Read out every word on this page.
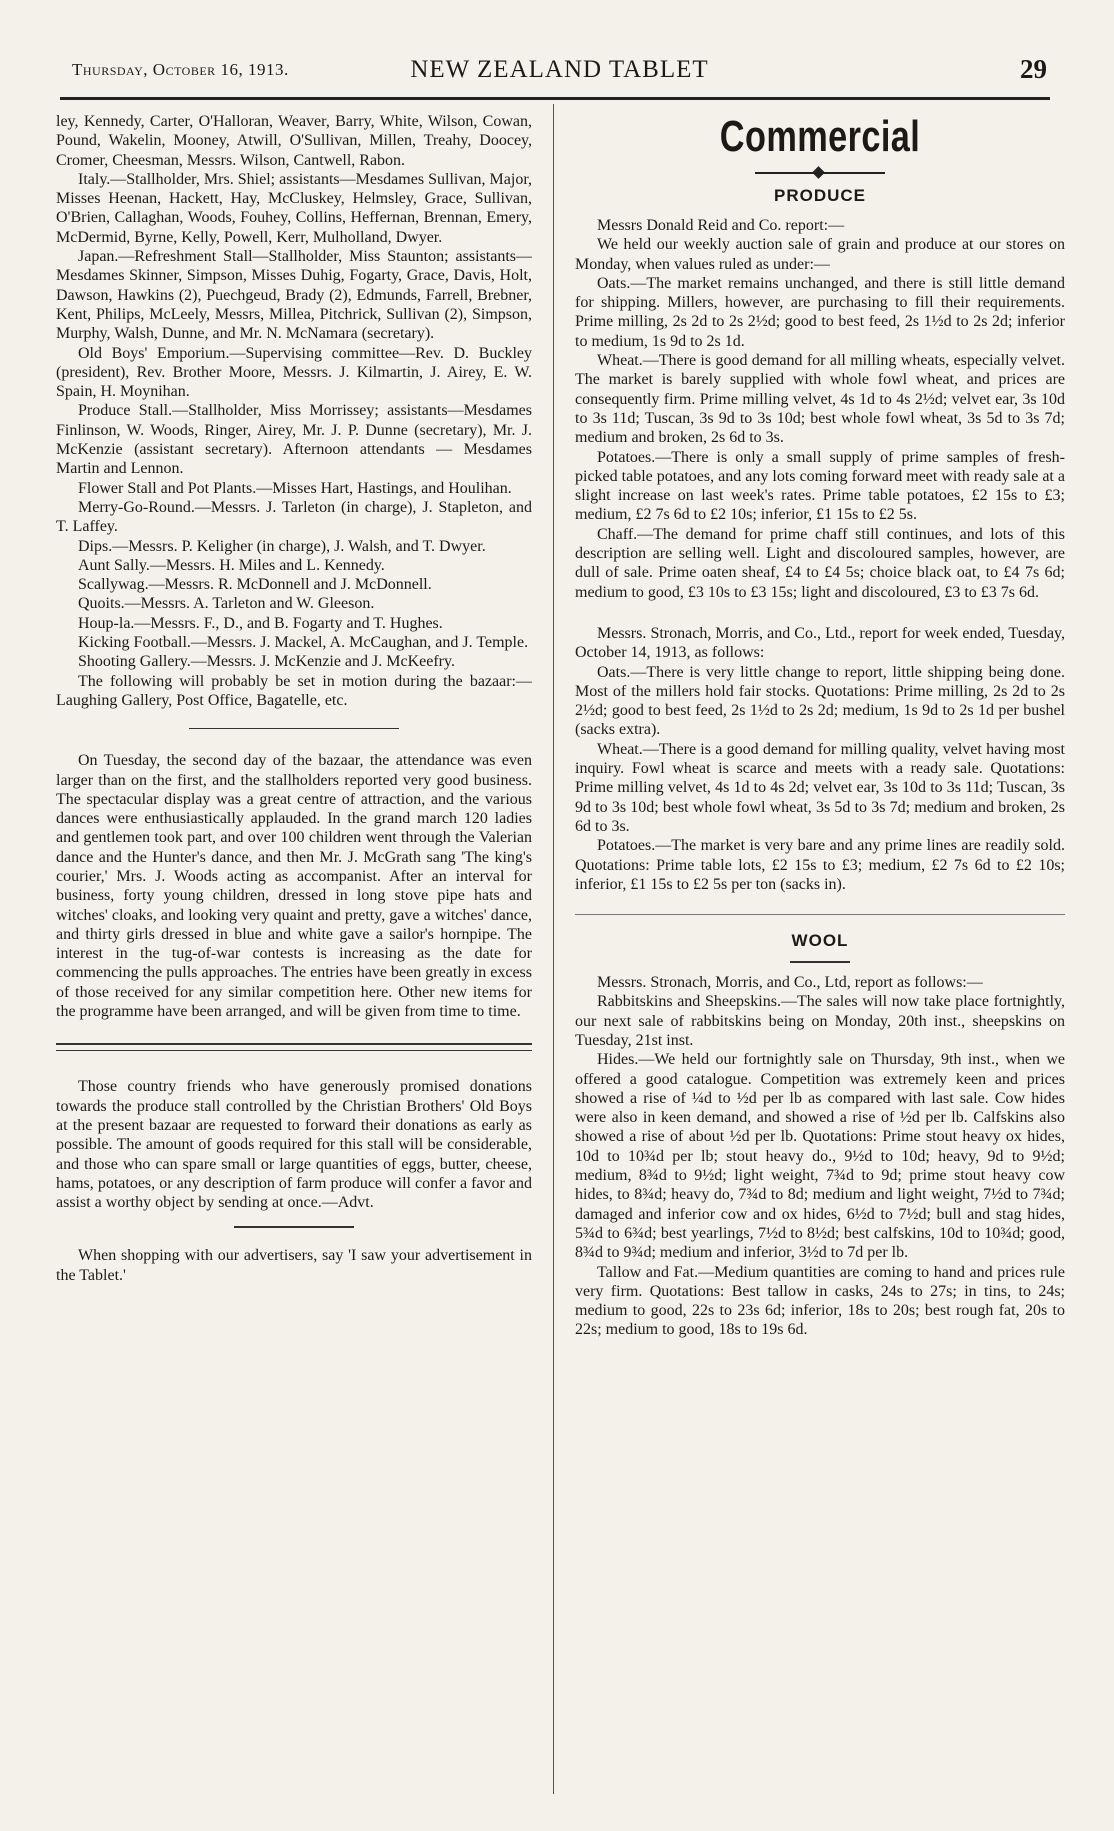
Thursday, October 16, 1913.	NEW ZEALAND TABLET	29

ley, Kennedy, Carter, O'Halloran, Weaver, Barry, White, Wilson, Cowan, Pound, Wakelin, Mooney, Atwill, O'Sullivan, Millen, Treahy, Doocey, Cromer, Cheesman, Messrs. Wilson, Cantwell, Rabon.

Italy.—Stallholder, Mrs. Shiel; assistants—Mesdames Sullivan, Major, Misses Heenan, Hackett, Hay, McCluskey, Helmsley, Grace, Sullivan, O'Brien, Callaghan, Woods, Fouhey, Collins, Heffernan, Brennan, Emery, McDermid, Byrne, Kelly, Powell, Kerr, Mulholland, Dwyer.

Japan.—Refreshment Stall—Stallholder, Miss Staunton; assistants—Mesdames Skinner, Simpson, Misses Duhig, Fogarty, Grace, Davis, Holt, Dawson, Hawkins (2), Puechgeud, Brady (2), Edmunds, Farrell, Brebner, Kent, Philips, McLeely, Messrs, Millea, Pitchrick, Sullivan (2), Simpson, Murphy, Walsh, Dunne, and Mr. N. McNamara (secretary).

Old Boys' Emporium.—Supervising committee—Rev. D. Buckley (president), Rev. Brother Moore, Messrs. J. Kilmartin, J. Airey, E. W. Spain, H. Moynihan.

Produce Stall.—Stallholder, Miss Morrissey; assistants—Mesdames Finlinson, W. Woods, Ringer, Airey, Mr. J. P. Dunne (secretary), Mr. J. McKenzie (assistant secretary). Afternoon attendants — Mesdames Martin and Lennon.

Flower Stall and Pot Plants.—Misses Hart, Hastings, and Houlihan.

Merry-Go-Round.—Messrs. J. Tarleton (in charge), J. Stapleton, and T. Laffey.

Dips.—Messrs. P. Keligher (in charge), J. Walsh, and T. Dwyer.

Aunt Sally.—Messrs. H. Miles and L. Kennedy.

Scallywag.—Messrs. R. McDonnell and J. McDonnell.

Quoits.—Messrs. A. Tarleton and W. Gleeson.

Houp-la.—Messrs. F., D., and B. Fogarty and T. Hughes.

Kicking Football.—Messrs. J. Mackel, A. McCaughan, and J. Temple.

Shooting Gallery.—Messrs. J. McKenzie and J. McKeefry.

The following will probably be set in motion during the bazaar:—Laughing Gallery, Post Office, Bagatelle, etc.

On Tuesday, the second day of the bazaar, the attendance was even larger than on the first, and the stallholders reported very good business. The spectacular display was a great centre of attraction, and the various dances were enthusiastically applauded. In the grand march 120 ladies and gentlemen took part, and over 100 children went through the Valerian dance and the Hunter's dance, and then Mr. J. McGrath sang 'The king's courier,' Mrs. J. Woods acting as accompanist. After an interval for business, forty young children, dressed in long stove pipe hats and witches' cloaks, and looking very quaint and pretty, gave a witches' dance, and thirty girls dressed in blue and white gave a sailor's hornpipe. The interest in the tug-of-war contests is increasing as the date for commencing the pulls approaches. The entries have been greatly in excess of those received for any similar competition here. Other new items for the programme have been arranged, and will be given from time to time.

Those country friends who have generously promised donations towards the produce stall controlled by the Christian Brothers' Old Boys at the present bazaar are requested to forward their donations as early as possible. The amount of goods required for this stall will be considerable, and those who can spare small or large quantities of eggs, butter, cheese, hams, potatoes, or any description of farm produce will confer a favor and assist a worthy object by sending at once.—Advt.

When shopping with our advertisers, say 'I saw your advertisement in the Tablet.'

Commercial
PRODUCE

Messrs Donald Reid and Co. report:—

We held our weekly auction sale of grain and produce at our stores on Monday, when values ruled as under:—

Oats.—The market remains unchanged, and there is still little demand for shipping. Millers, however, are purchasing to fill their requirements. Prime milling, 2s 2d to 2s 2½d; good to best feed, 2s 1½d to 2s 2d; inferior to medium, 1s 9d to 2s 1d.

Wheat.—There is good demand for all milling wheats, especially velvet. The market is barely supplied with whole fowl wheat, and prices are consequently firm. Prime milling velvet, 4s 1d to 4s 2½d; velvet ear, 3s 10d to 3s 11d; Tuscan, 3s 9d to 3s 10d; best whole fowl wheat, 3s 5d to 3s 7d; medium and broken, 2s 6d to 3s.

Potatoes.—There is only a small supply of prime samples of fresh-picked table potatoes, and any lots coming forward meet with ready sale at a slight increase on last week's rates. Prime table potatoes, £2 15s to £3; medium, £2 7s 6d to £2 10s; inferior, £1 15s to £2 5s.

Chaff.—The demand for prime chaff still continues, and lots of this description are selling well. Light and discoloured samples, however, are dull of sale. Prime oaten sheaf, £4 to £4 5s; choice black oat, to £4 7s 6d; medium to good, £3 10s to £3 15s; light and discoloured, £3 to £3 7s 6d.

Messrs. Stronach, Morris, and Co., Ltd., report for week ended, Tuesday, October 14, 1913, as follows:

Oats.—There is very little change to report, little shipping being done. Most of the millers hold fair stocks. Quotations: Prime milling, 2s 2d to 2s 2½d; good to best feed, 2s 1½d to 2s 2d; medium, 1s 9d to 2s 1d per bushel (sacks extra).

Wheat.—There is a good demand for milling quality, velvet having most inquiry. Fowl wheat is scarce and meets with a ready sale. Quotations: Prime milling velvet, 4s 1d to 4s 2d; velvet ear, 3s 10d to 3s 11d; Tuscan, 3s 9d to 3s 10d; best whole fowl wheat, 3s 5d to 3s 7d; medium and broken, 2s 6d to 3s.

Potatoes.—The market is very bare and any prime lines are readily sold. Quotations: Prime table lots, £2 15s to £3; medium, £2 7s 6d to £2 10s; inferior, £1 15s to £2 5s per ton (sacks in).

WOOL

Messrs. Stronach, Morris, and Co., Ltd, report as follows:—

Rabbitskins and Sheepskins.—The sales will now take place fortnightly, our next sale of rabbitskins being on Monday, 20th inst., sheepskins on Tuesday, 21st inst.

Hides.—We held our fortnightly sale on Thursday, 9th inst., when we offered a good catalogue. Competition was extremely keen and prices showed a rise of ¼d to ½d per lb as compared with last sale. Cow hides were also in keen demand, and showed a rise of ½d per lb. Calfskins also showed a rise of about ½d per lb. Quotations: Prime stout heavy ox hides, 10d to 10¾d per lb; stout heavy do., 9½d to 10d; heavy, 9d to 9½d; medium, 8¾d to 9½d; light weight, 7¾d to 9d; prime stout heavy cow hides, to 8¾d; heavy do, 7¾d to 8d; medium and light weight, 7½d to 7¾d; damaged and inferior cow and ox hides, 6½d to 7½d; bull and stag hides, 5¾d to 6¾d; best yearlings, 7½d to 8½d; best calfskins, 10d to 10¾d; good, 8¾d to 9¾d; medium and inferior, 3½d to 7d per lb.

Tallow and Fat.—Medium quantities are coming to hand and prices rule very firm. Quotations: Best tallow in casks, 24s to 27s; in tins, to 24s; medium to good, 22s to 23s 6d; inferior, 18s to 20s; best rough fat, 20s to 22s; medium to good, 18s to 19s 6d.
